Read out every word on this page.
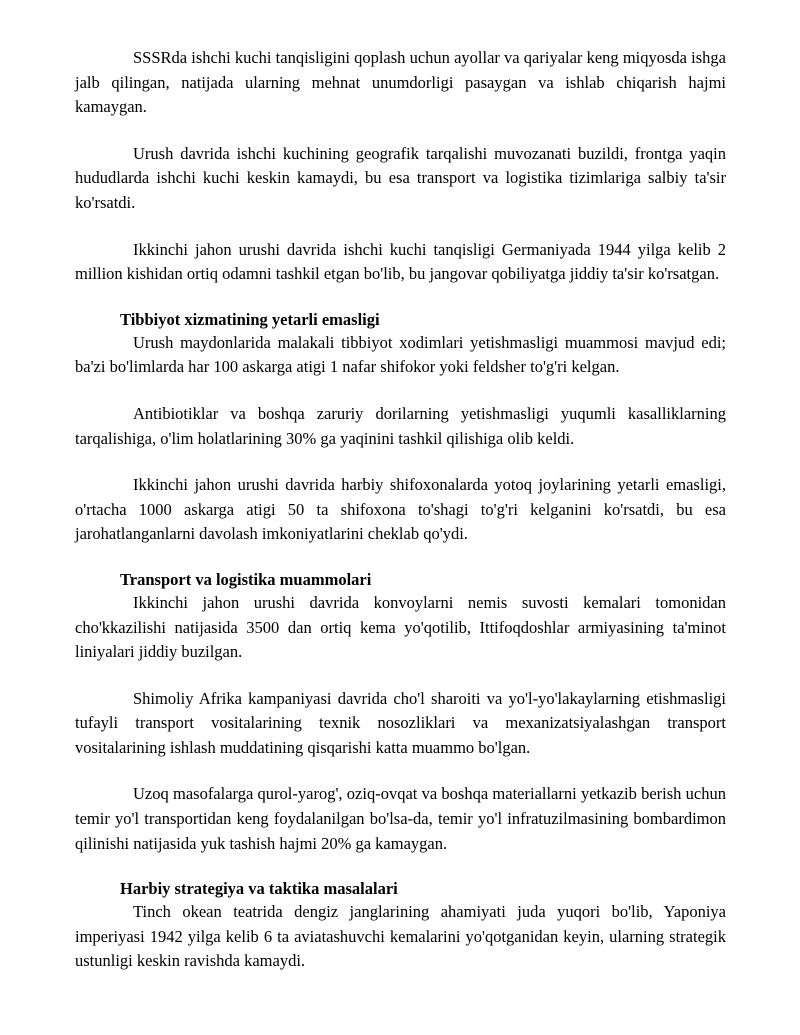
SSSRda ishchi kuchi tanqisligini qoplash uchun ayollar va qariyalar keng miqyosda ishga jalb qilingan, natijada ularning mehnat unumdorligi pasaygan va ishlab chiqarish hajmi kamaygan.

Urush davrida ishchi kuchining geografik tarqalishi muvozanati buzildi, frontga yaqin hududlarda ishchi kuchi keskin kamaydi, bu esa transport va logistika tizimlariga salbiy ta'sir ko'rsatdi.

Ikkinchi jahon urushi davrida ishchi kuchi tanqisligi Germaniyada 1944 yilga kelib 2 million kishidan ortiq odamni tashkil etgan bo'lib, bu jangovar qobiliyatga jiddiy ta'sir ko'rsatgan.

Tibbiyot xizmatining yetarli emasligi

Urush maydonlarida malakali tibbiyot xodimlari yetishmasligi muammosi mavjud edi; ba'zi bo'limlarda har 100 askarga atigi 1 nafar shifokor yoki feldsher to'g'ri kelgan.

Antibiotiklar va boshqa zaruriy dorilarning yetishmasligi yuqumli kasalliklarning tarqalishiga, o'lim holatlarining 30% ga yaqinini tashkil qilishiga olib keldi.

Ikkinchi jahon urushi davrida harbiy shifoxonalarda yotoq joylarining yetarli emasligi, o'rtacha 1000 askarga atigi 50 ta shifoxona to'shagi to'g'ri kelganini ko'rsatdi, bu esa jarohatlanganlarni davolash imkoniyatlarini cheklab qo'ydi.

Transport va logistika muammolari

Ikkinchi jahon urushi davrida konvoylarni nemis suvosti kemalari tomonidan cho'kkazilishi natijasida 3500 dan ortiq kema yo'qotilib, Ittifoqdoshlar armiyasining ta'minot liniyalari jiddiy buzilgan.

Shimoliy Afrika kampaniyasi davrida cho'l sharoiti va yo'l-yo'lakaylarning etishmasligi tufayli transport vositalarining texnik nosozliklari va mexanizatsiyalashgan transport vositalarining ishlash muddatining qisqarishi katta muammo bo'lgan.

Uzoq masofalarga qurol-yarog', oziq-ovqat va boshqa materiallarni yetkazib berish uchun temir yo'l transportidan keng foydalanilgan bo'lsa-da, temir yo'l infratuzilmasining bombardimon qilinishi natijasida yuk tashish hajmi 20% ga kamaygan.

Harbiy strategiya va taktika masalalari

Tinch okean teatrida dengiz janglarining ahamiyati juda yuqori bo'lib, Yaponiya imperiyasi 1942 yilga kelib 6 ta aviatashuvchi kemalarini yo'qotganidan keyin, ularning strategik ustunligi keskin ravishda kamaydi.
